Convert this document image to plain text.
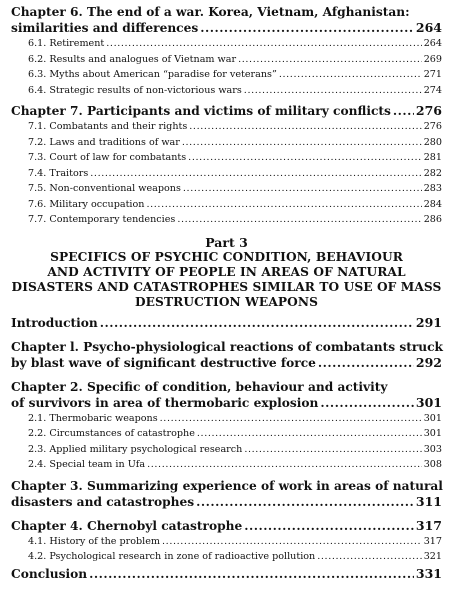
Chapter 6. The end of a war. Korea, Vietnam, Afghanistan:
similarities and differences .....	264
6.1. Retirement .....	264
6.2. Results and analogues of Vietnam war .....	269
6.3. Myths about American “paradise for veterans” .....	271
6.4. Strategic results of non-victorious wars .....	274
Chapter 7. Participants and victims of military conflicts ..... 276
7.1. Combatants and their rights .....	276
7.2. Laws and traditions of war .....	280
7.3. Court of law for combatants .....	281
7.4. Traitors .....	282
7.5. Non-conventional weapons .....	283
7.6. Military occupation .....	284
7.7. Contemporary tendencies .....	286
Part 3
SPECIFICS OF PSYCHIC CONDITION, BEHAVIOUR
AND ACTIVITY OF PEOPLE IN AREAS OF NATURAL
DISASTERS AND CATASTROPHES SIMILAR TO USE OF MASS
DESTRUCTION WEAPONS
Introduction .....	291
Chapter l. Psycho-physiological reactions of combatants struck
by blast wave of significant destructive force .....	292
Chapter 2. Specific of condition, behaviour and activity
of survivors in area of thermobaric explosion .....	301
2.1. Thermobaric weapons .....	301
2.2. Circumstances of catastrophe .....	301
2.3. Applied military psychological research .....	303
2.4. Special team in Ufa .....	308
Chapter 3. Summarizing experience of work in areas of natural
disasters and catastrophes .....	311
Chapter 4. Chernobyl catastrophe .....	317
4.1. History of the problem .....	317
4.2. Psychological research in zone of radioactive pollution .....	321
Conclusion .....	331
